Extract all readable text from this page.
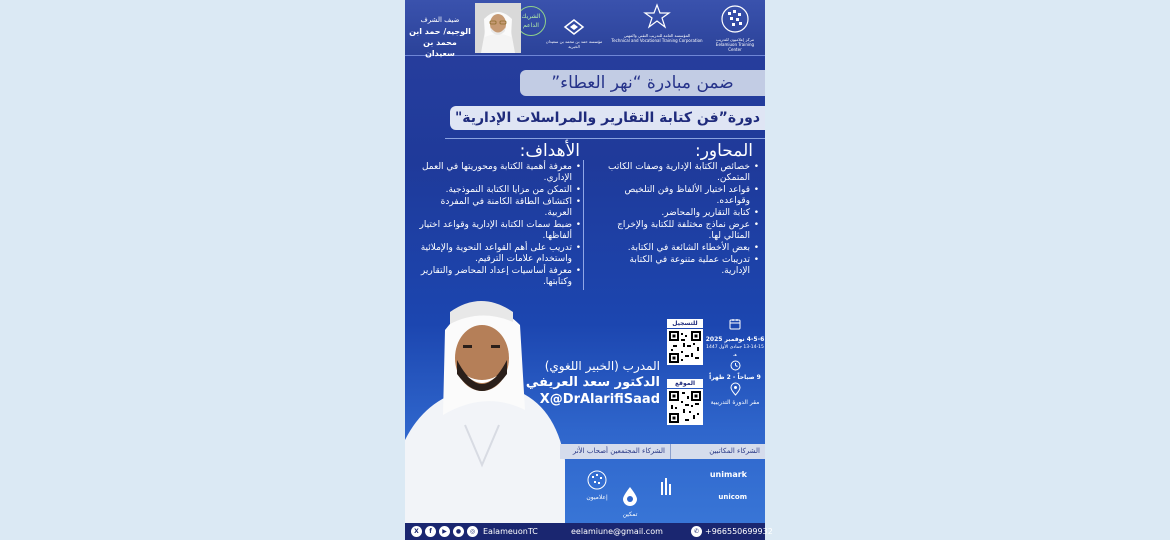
مركز إعلاميون للتدريب
Eelamiuon Training Center
المؤسسة العامة للتدريب التقني والمهني
Technical and Vocational Training Corporation
مؤسسة حمد بن محمد بن سعيدان الخيرية
الشريك الداعم
ضيف الشرف
الوجيه/ حمد ابن محمد بن سعيدان
ضمن مبادرة “نهر العطاء”
دورة”فن كتابة التقارير والمراسلات الإدارية"
المحاور:
• خصائص الكتابة الإدارية وصفات الكاتب المتمكن.
• قواعد اختيار الألفاظ وفن التلخيص وقواعده.
• كتابة التقارير والمحاضر.
• عرض نماذج مختلفة للكتابة والإخراج المثالي لها.
• بعض الأخطاء الشائعة في الكتابة.
• تدريبات عملية متنوعة في الكتابة الإدارية.
الأهداف:
• معرفة أهمية الكتابة ومحوريتها في العمل الإداري.
• التمكن من مزايا الكتابة النموذجية.
• اكتشاف الطاقة الكامنة في المفردة العربية.
• ضبط سمات الكتابة الإدارية وقواعد اختيار ألفاظها.
• تدريب على أهم القواعد النحوية والإملائية واستخدام علامات الترقيم.
• معرفة أساسيات إعداد المحاضر والتقارير وكتابتها.
المدرب (الخبير اللغوي)
الدكتور سعد العريفي
X@DrAlarifiSaad
للتسجيل
الموقع
4-5-6 نوفمبر 2025
13-14-15 جمادى الأول 1447 هـ
9 صباحاً - 2 ظهراً
مقر الدورة التدريبية
الشركاء المكاتبين
الشركاء المجتمعين أصحاب الأثر
إعلاميون
تمكين
unimark
unicom
X	f	▶	●	◎ EalameuonTC	eelamiune@gmail.com	✆ +966550699932
